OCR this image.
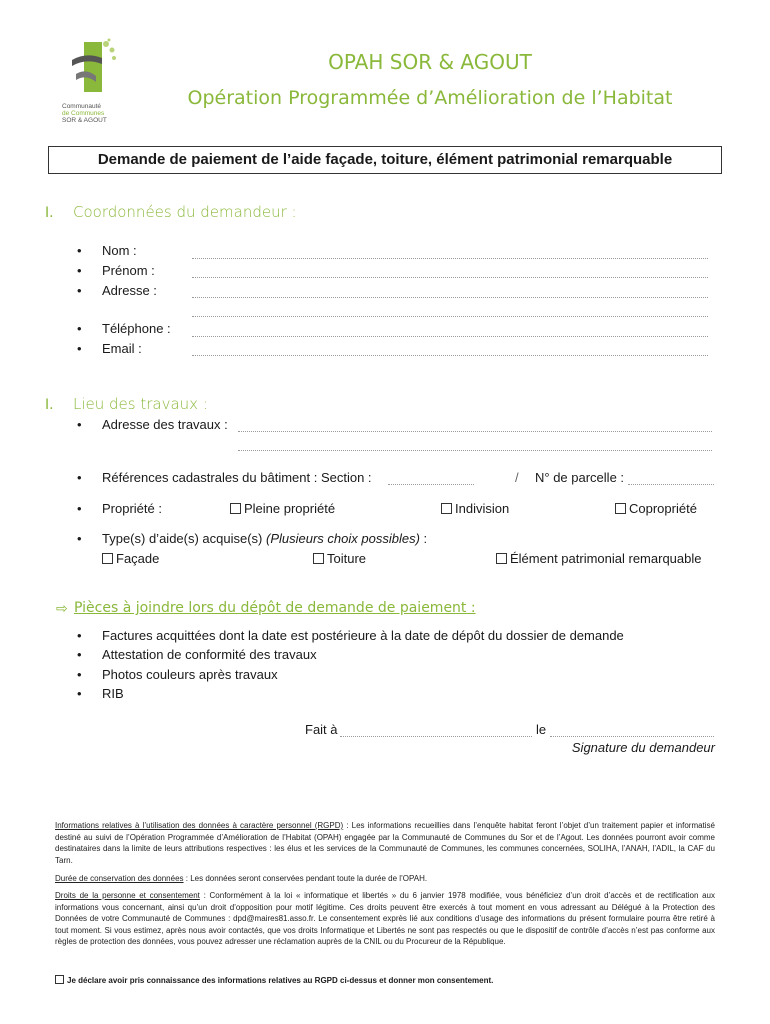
Communauté
de Communes
SOR & AGOUT
OPAH SOR & AGOUT
Opération Programmée d’Amélioration de l’Habitat
Demande de paiement de l’aide façade, toiture, élément patrimonial remarquable
I. Coordonnées du demandeur :
• Nom :
• Prénom :
• Adresse :
• Téléphone :
• Email :
I. Lieu des travaux :
• Adresse des travaux :
• Références cadastrales du bâtiment : Section :	/ N° de parcelle :
• Propriété :	Pleine propriété	Indivision	Copropriété
• Type(s) d’aide(s) acquise(s) (Plusieurs choix possibles) :
Façade	Toiture	Élément patrimonial remarquable
⇨ Pièces à joindre lors du dépôt de demande de paiement :
• Factures acquittées dont la date est postérieure à la date de dépôt du dossier de demande
• Attestation de conformité des travaux
• Photos couleurs après travaux
• RIB
Fait à	le
Signature du demandeur
Informations relatives à l’utilisation des données à caractère personnel (RGPD) : Les informations recueillies dans l’enquête habitat feront l’objet d’un traitement papier et informatisé destiné au suivi de l’Opération Programmée d’Amélioration de l’Habitat (OPAH) engagée par la Communauté de Communes du Sor et de l’Agout. Les données pourront avoir comme destinataires dans la limite de leurs attributions respectives : les élus et les services de la Communauté de Communes, les communes concernées, SOLIHA, l’ANAH, l’ADIL, la CAF du Tarn.
Durée de conservation des données : Les données seront conservées pendant toute la durée de l’OPAH.
Droits de la personne et consentement : Conformément à la loi « informatique et libertés » du 6 janvier 1978 modifiée, vous bénéficiez d’un droit d’accès et de rectification aux informations vous concernant, ainsi qu’un droit d’opposition pour motif légitime. Ces droits peuvent être exercés à tout moment en vous adressant au Délégué à la Protection des Données de votre Communauté de Communes : dpd@maires81.asso.fr. Le consentement exprès lié aux conditions d’usage des informations du présent formulaire pourra être retiré à tout moment. Si vous estimez, après nous avoir contactés, que vos droits Informatique et Libertés ne sont pas respectés ou que le dispositif de contrôle d’accès n’est pas conforme aux règles de protection des données, vous pouvez adresser une réclamation auprès de la CNIL ou du Procureur de la République.
Je déclare avoir pris connaissance des informations relatives au RGPD ci-dessus et donner mon consentement.
